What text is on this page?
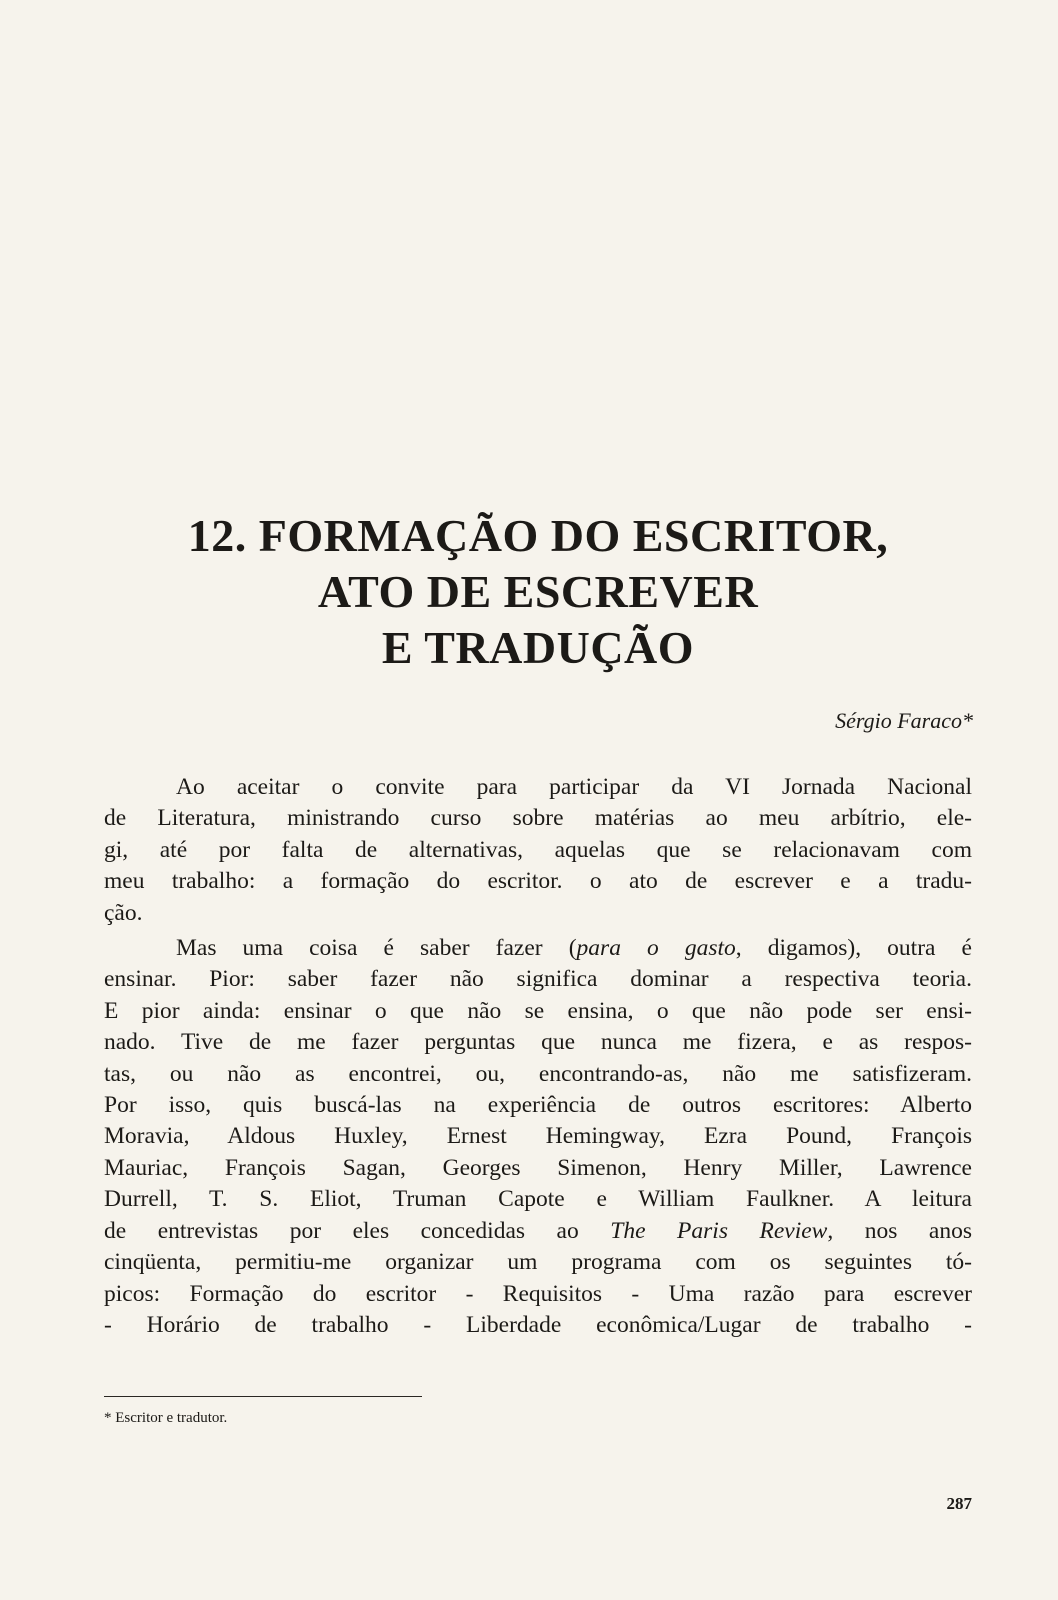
12. FORMAÇÃO DO ESCRITOR,
ATO DE ESCREVER
E TRADUÇÃO

Sérgio Faraco*

Ao aceitar o convite para participar da VI Jornada Nacional
de Literatura, ministrando curso sobre matérias ao meu arbítrio, ele-
gi, até por falta de alternativas, aquelas que se relacionavam com
meu trabalho: a formação do escritor. o ato de escrever e a tradu-
ção.
Mas uma coisa é saber fazer (para o gasto, digamos), outra é
ensinar. Pior: saber fazer não significa dominar a respectiva teoria.
E pior ainda: ensinar o que não se ensina, o que não pode ser ensi-
nado. Tive de me fazer perguntas que nunca me fizera, e as respos-
tas, ou não as encontrei, ou, encontrando-as, não me satisfizeram.
Por isso, quis buscá-las na experiência de outros escritores: Alberto
Moravia, Aldous Huxley, Ernest Hemingway, Ezra Pound, François
Mauriac, François Sagan, Georges Simenon, Henry Miller, Lawrence
Durrell, T. S. Eliot, Truman Capote e William Faulkner. A leitura
de entrevistas por eles concedidas ao The Paris Review, nos anos
cinqüenta, permitiu-me organizar um programa com os seguintes tó-
picos: Formação do escritor - Requisitos - Uma razão para escrever
- Horário de trabalho - Liberdade econômica/Lugar de trabalho -

* Escritor e tradutor.

287
